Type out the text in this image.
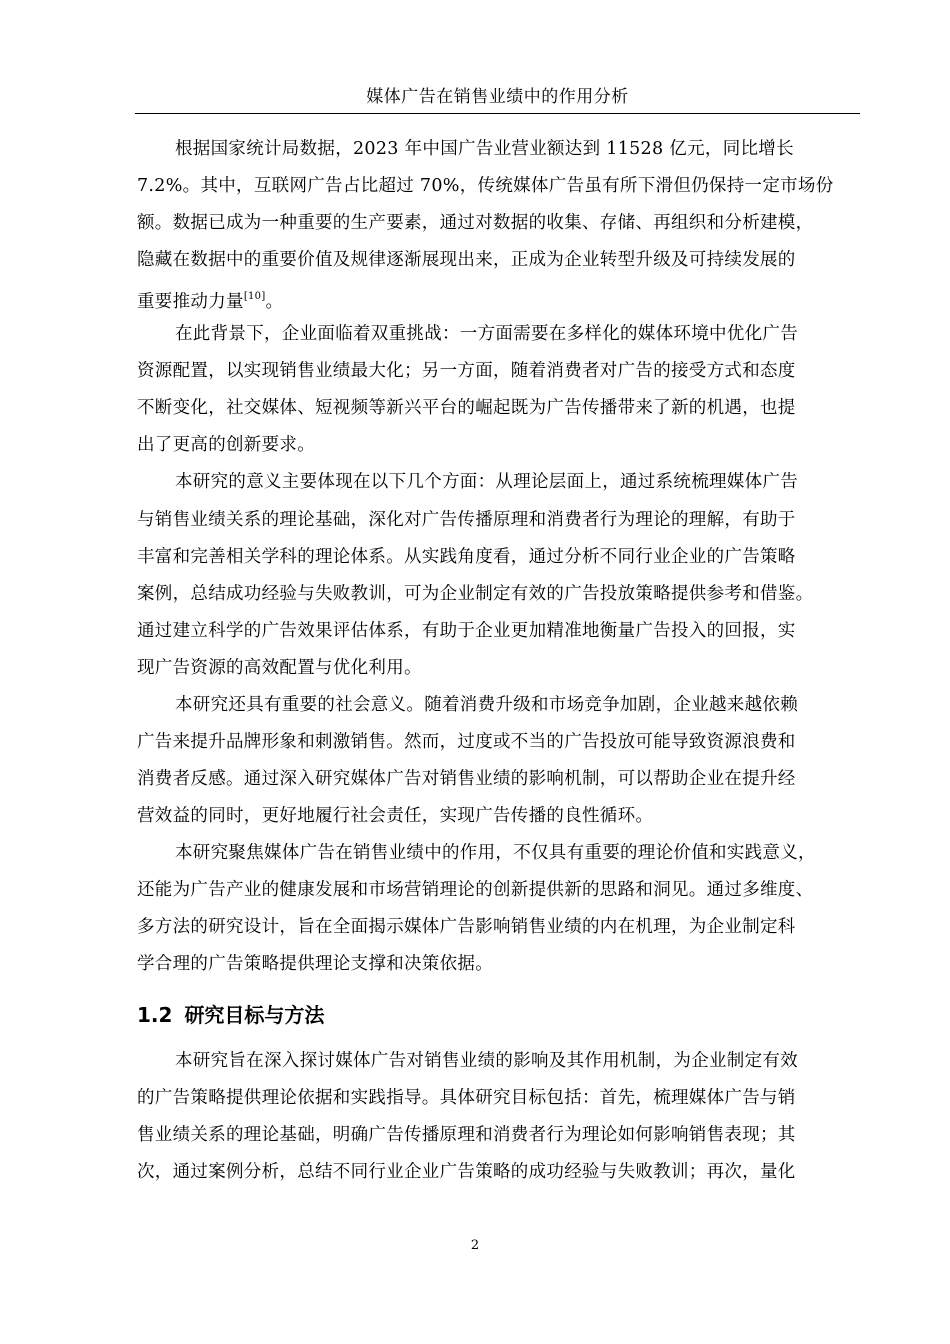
媒体广告在销售业绩中的作用分析
根据国家统计局数据，2023 年中国广告业营业额达到 11528 亿元，同比增长
7.2%。其中，互联网广告占比超过 70%，传统媒体广告虽有所下滑但仍保持一定市场份
额。数据已成为一种重要的生产要素，通过对数据的收集、存储、再组织和分析建模，
隐藏在数据中的重要价值及规律逐渐展现出来，正成为企业转型升级及可持续发展的
重要推动力量[10]。
在此背景下，企业面临着双重挑战：一方面需要在多样化的媒体环境中优化广告
资源配置，以实现销售业绩最大化；另一方面，随着消费者对广告的接受方式和态度
不断变化，社交媒体、短视频等新兴平台的崛起既为广告传播带来了新的机遇，也提
出了更高的创新要求。
本研究的意义主要体现在以下几个方面：从理论层面上，通过系统梳理媒体广告
与销售业绩关系的理论基础，深化对广告传播原理和消费者行为理论的理解，有助于
丰富和完善相关学科的理论体系。从实践角度看，通过分析不同行业企业的广告策略
案例，总结成功经验与失败教训，可为企业制定有效的广告投放策略提供参考和借鉴。
通过建立科学的广告效果评估体系，有助于企业更加精准地衡量广告投入的回报，实
现广告资源的高效配置与优化利用。
本研究还具有重要的社会意义。随着消费升级和市场竞争加剧，企业越来越依赖
广告来提升品牌形象和刺激销售。然而，过度或不当的广告投放可能导致资源浪费和
消费者反感。通过深入研究媒体广告对销售业绩的影响机制，可以帮助企业在提升经
营效益的同时，更好地履行社会责任，实现广告传播的良性循环。
本研究聚焦媒体广告在销售业绩中的作用，不仅具有重要的理论价值和实践意义，
还能为广告产业的健康发展和市场营销理论的创新提供新的思路和洞见。通过多维度、
多方法的研究设计，旨在全面揭示媒体广告影响销售业绩的内在机理，为企业制定科
学合理的广告策略提供理论支撑和决策依据。
1.2 研究目标与方法
本研究旨在深入探讨媒体广告对销售业绩的影响及其作用机制，为企业制定有效
的广告策略提供理论依据和实践指导。具体研究目标包括：首先，梳理媒体广告与销
售业绩关系的理论基础，明确广告传播原理和消费者行为理论如何影响销售表现；其
次，通过案例分析，总结不同行业企业广告策略的成功经验与失败教训；再次，量化
2
